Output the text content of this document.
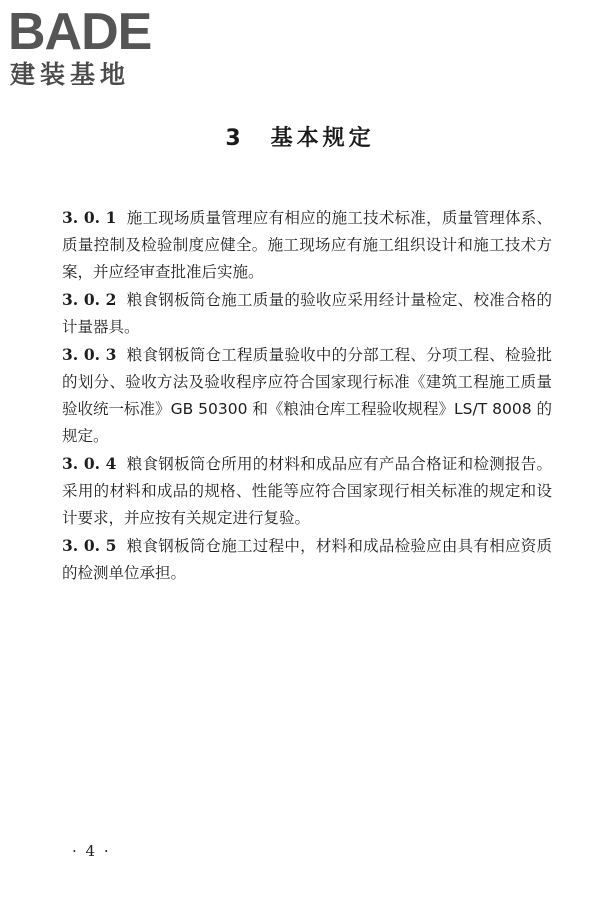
BADE
建装基地
3　基本规定

3. 0. 1 施工现场质量管理应有相应的施工技术标准，质量管理体系、质量控制及检验制度应健全。施工现场应有施工组织设计和施工技术方案，并应经审查批准后实施。

3. 0. 2 粮食钢板筒仓施工质量的验收应采用经计量检定、校准合格的计量器具。

3. 0. 3 粮食钢板筒仓工程质量验收中的分部工程、分项工程、检验批的划分、验收方法及验收程序应符合国家现行标准《建筑工程施工质量验收统一标准》GB 50300 和《粮油仓库工程验收规程》LS/T 8008 的规定。

3. 0. 4 粮食钢板筒仓所用的材料和成品应有产品合格证和检测报告。采用的材料和成品的规格、性能等应符合国家现行相关标准的规定和设计要求，并应按有关规定进行复验。

3. 0. 5 粮食钢板筒仓施工过程中，材料和成品检验应由具有相应资质的检测单位承担。

· 4 ·
